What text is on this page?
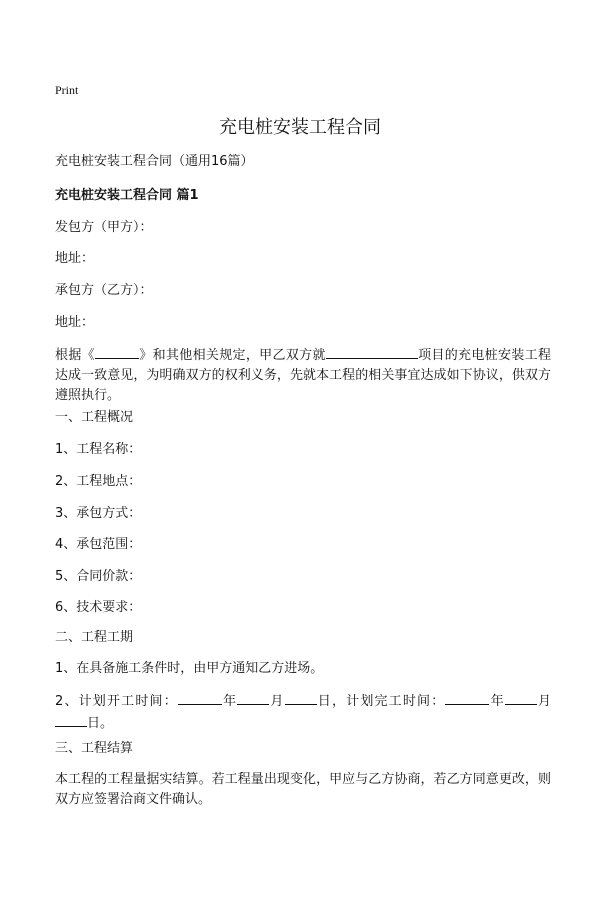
Print
充电桩安装工程合同
充电桩安装工程合同（通用16篇）
充电桩安装工程合同 篇1
发包方（甲方）：
地址：
承包方（乙方）：
地址：
根据《	》和其他相关规定，甲乙双方就	项目的充电桩安装工程达成一致意见，为明确双方的权利义务，先就本工程的相关事宜达成如下协议，供双方遵照执行。
一、工程概况
1、工程名称：
2、工程地点：
3、承包方式：
4、承包范围：
5、合同价款：
6、技术要求：
二、工程工期
1、在具备施工条件时，由甲方通知乙方进场。
2、计划开工时间：	年 月 日，计划完工时间：	年 月日。
三、工程结算
本工程的工程量据实结算。若工程量出现变化，甲应与乙方协商，若乙方同意更改，则双方应签署洽商文件确认。
